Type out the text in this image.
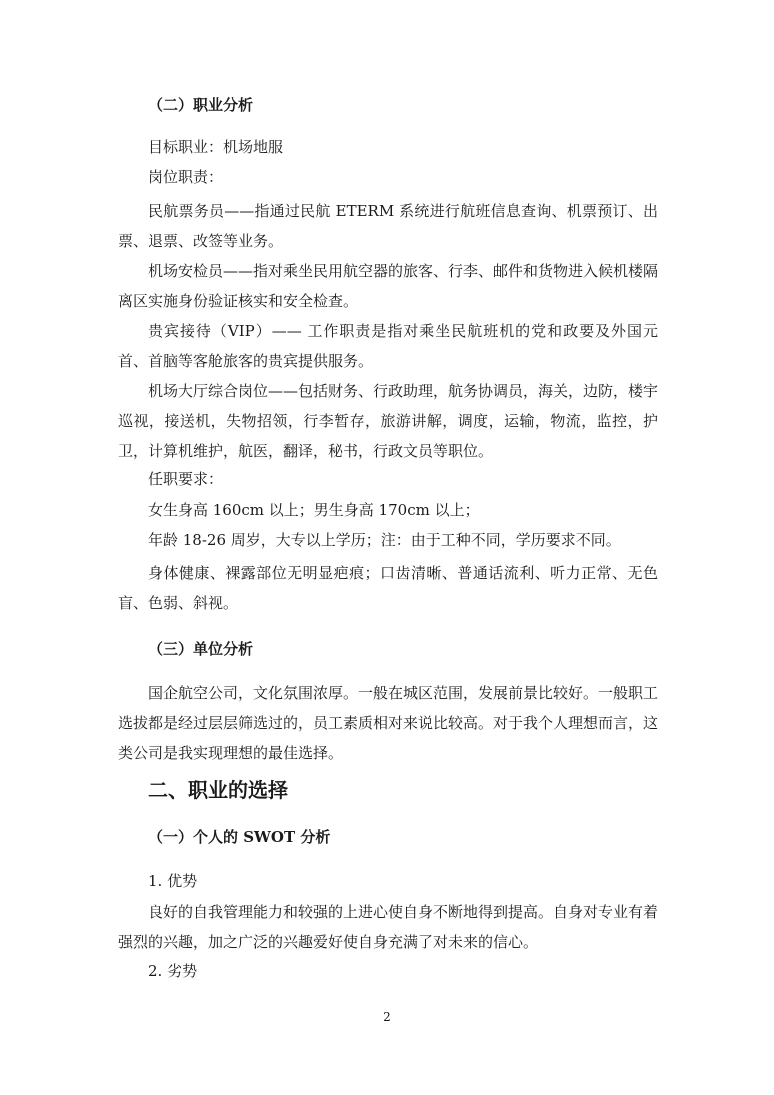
（二）职业分析
目标职业：机场地服
岗位职责：
民航票务员——指通过民航 ETERM 系统进行航班信息查询、机票预订、出票、退票、改签等业务。
机场安检员——指对乘坐民用航空器的旅客、行李、邮件和货物进入候机楼隔离区实施身份验证核实和安全检查。
贵宾接待（VIP）—— 工作职责是指对乘坐民航班机的党和政要及外国元首、首脑等客舱旅客的贵宾提供服务。
机场大厅综合岗位——包括财务、行政助理，航务协调员，海关，边防，楼宇巡视，接送机，失物招领，行李暂存，旅游讲解，调度，运输，物流，监控，护卫，计算机维护，航医，翻译，秘书，行政文员等职位。
任职要求：
女生身高 160cm 以上；男生身高 170cm 以上；
年龄 18-26 周岁，大专以上学历；注：由于工种不同，学历要求不同。
身体健康、裸露部位无明显疤痕；口齿清晰、普通话流利、听力正常、无色盲、色弱、斜视。
（三）单位分析
国企航空公司，文化氛围浓厚。一般在城区范围，发展前景比较好。一般职工选拔都是经过层层筛选过的，员工素质相对来说比较高。对于我个人理想而言，这类公司是我实现理想的最佳选择。
二、职业的选择
（一）个人的 SWOT 分析
1. 优势
良好的自我管理能力和较强的上进心使自身不断地得到提高。自身对专业有着强烈的兴趣，加之广泛的兴趣爱好使自身充满了对未来的信心。
2. 劣势
2
